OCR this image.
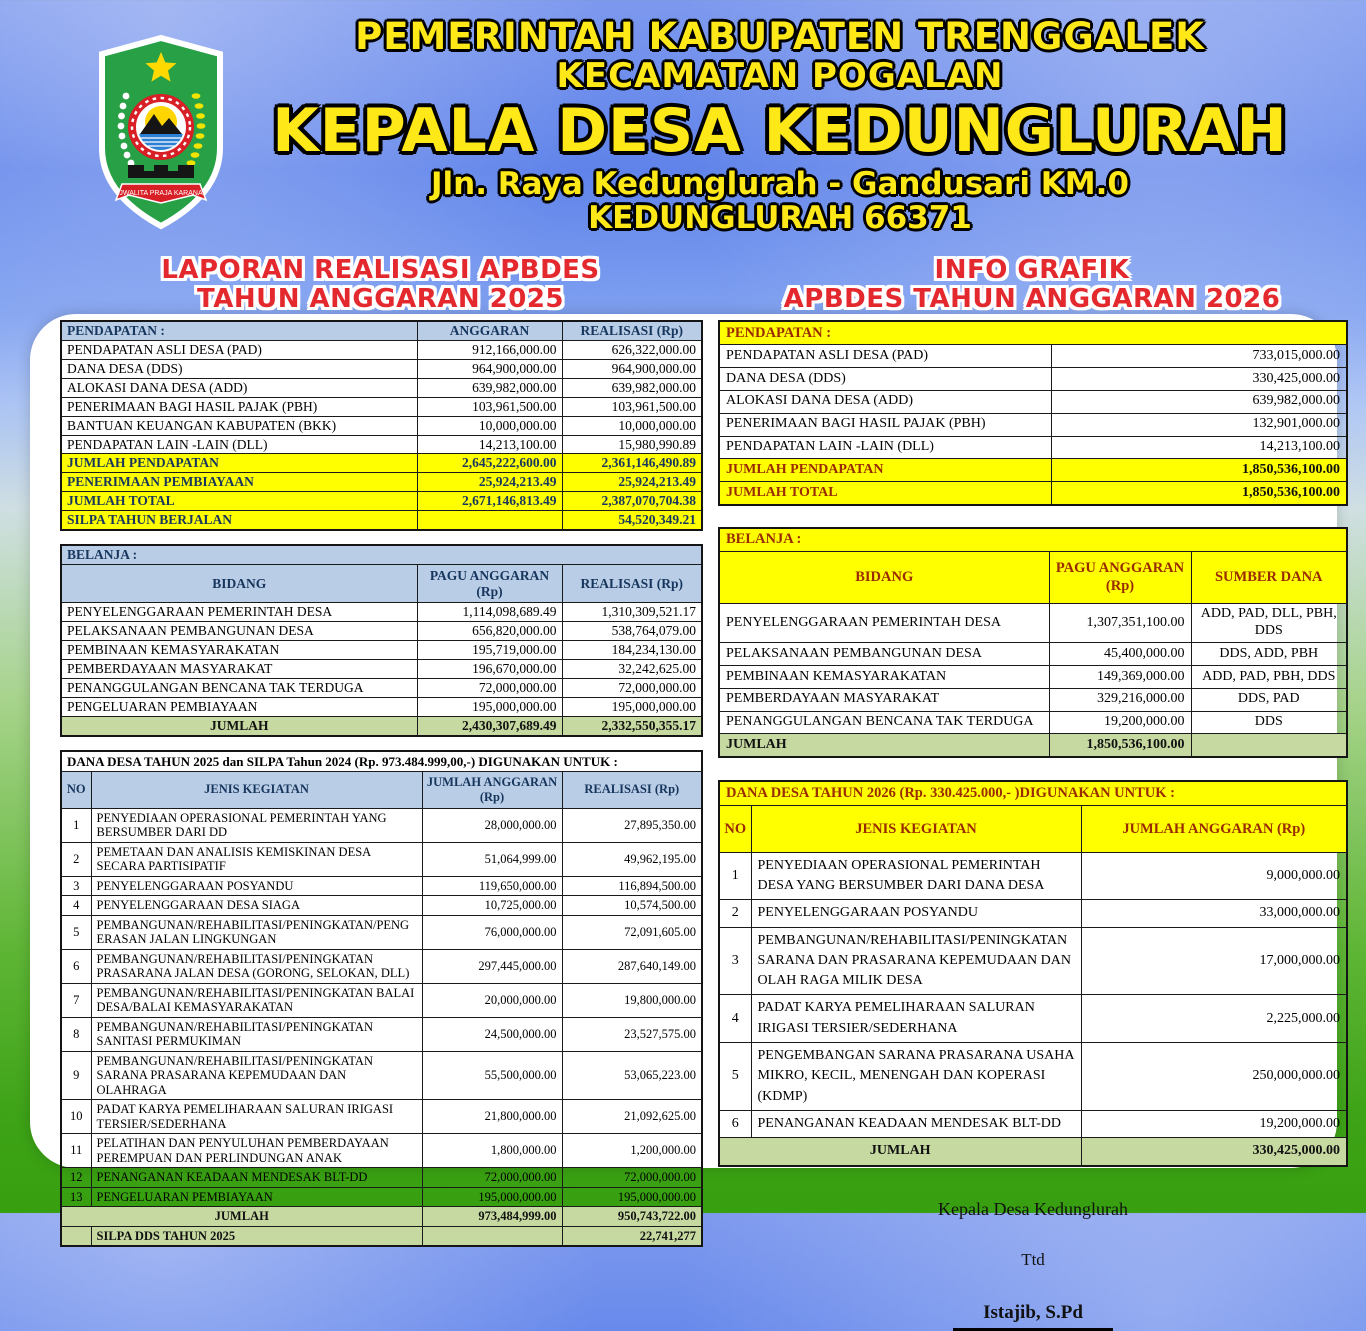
JWALITA PRAJA KARANA
PEMERINTAH KABUPATEN TRENGGALEK
KECAMATAN POGALAN
KEPALA DESA KEDUNGLURAH
Jln. Raya Kedunglurah - Gandusari KM.0
KEDUNGLURAH 66371
LAPORAN REALISASI APBDES
TAHUN ANGGARAN 2025
INFO GRAFIK
APBDES TAHUN ANGGARAN 2026
PENDAPATAN :	ANGGARAN	REALISASI (Rp)
PENDAPATAN ASLI DESA (PAD)	912,166,000.00	626,322,000.00
DANA DESA (DDS)	964,900,000.00	964,900,000.00
ALOKASI DANA DESA (ADD)	639,982,000.00	639,982,000.00
PENERIMAAN BAGI HASIL PAJAK (PBH)	103,961,500.00	103,961,500.00
BANTUAN KEUANGAN KABUPATEN (BKK)	10,000,000.00	10,000,000.00
PENDAPATAN LAIN -LAIN (DLL)	14,213,100.00	15,980,990.89
JUMLAH PENDAPATAN	2,645,222,600.00	2,361,146,490.89
PENERIMAAN PEMBIAYAAN	25,924,213.49	25,924,213.49
JUMLAH TOTAL	2,671,146,813.49	2,387,070,704.38
SILPA TAHUN BERJALAN		54,520,349.21
BELANJA :		
BIDANG	PAGU ANGGARAN (Rp)	REALISASI (Rp)
PENYELENGGARAAN PEMERINTAH DESA	1,114,098,689.49	1,310,309,521.17
PELAKSANAAN PEMBANGUNAN DESA	656,820,000.00	538,764,079.00
PEMBINAAN KEMASYARAKATAN	195,719,000.00	184,234,130.00
PEMBERDAYAAN MASYARAKAT	196,670,000.00	32,242,625.00
PENANGGULANGAN BENCANA TAK TERDUGA	72,000,000.00	72,000,000.00
PENGELUARAN PEMBIAYAAN	195,000,000.00	195,000,000.00
JUMLAH	2,430,307,689.49	2,332,550,355.17
DANA DESA TAHUN 2025 dan SILPA Tahun 2024 (Rp. 973.484.999,00,-) DIGUNAKAN UNTUK :			
NO	JENIS KEGIATAN	JUMLAH ANGGARAN (Rp)	REALISASI (Rp)
1	PENYEDIAAN OPERASIONAL PEMERINTAH YANG BERSUMBER DARI DD	28,000,000.00	27,895,350.00
2	PEMETAAN DAN ANALISIS KEMISKINAN DESA SECARA PARTISIPATIF	51,064,999.00	49,962,195.00
3	PENYELENGGARAAN POSYANDU	119,650,000.00	116,894,500.00
4	PENYELENGGARAAN DESA SIAGA	10,725,000.00	10,574,500.00
5	PEMBANGUNAN/REHABILITASI/PENINGKATAN/PENGERASAN JALAN LINGKUNGAN	76,000,000.00	72,091,605.00
6	PEMBANGUNAN/REHABILITASI/PENINGKATAN PRASARANA JALAN DESA (GORONG, SELOKAN, DLL)	297,445,000.00	287,640,149.00
7	PEMBANGUNAN/REHABILITASI/PENINGKATAN BALAI DESA/BALAI KEMASYARAKATAN	20,000,000.00	19,800,000.00
8	PEMBANGUNAN/REHABILITASI/PENINGKATAN SANITASI PERMUKIMAN	24,500,000.00	23,527,575.00
9	PEMBANGUNAN/REHABILITASI/PENINGKATAN SARANA PRASARANA KEPEMUDAAN DAN OLAHRAGA	55,500,000.00	53,065,223.00
10	PADAT KARYA PEMELIHARAAN SALURAN IRIGASI TERSIER/SEDERHANA	21,800,000.00	21,092,625.00
11	PELATIHAN DAN PENYULUHAN PEMBERDAYAAN PEREMPUAN DAN PERLINDUNGAN ANAK	1,800,000.00	1,200,000.00
12	PENANGANAN KEADAAN MENDESAK BLT-DD	72,000,000.00	72,000,000.00
13	PENGELUARAN PEMBIAYAAN	195,000,000.00	195,000,000.00
JUMLAH		973,484,999.00	950,743,722.00
	SILPA DDS TAHUN 2025		22,741,277
PENDAPATAN :	
PENDAPATAN ASLI DESA (PAD)	733,015,000.00
DANA DESA (DDS)	330,425,000.00
ALOKASI DANA DESA (ADD)	639,982,000.00
PENERIMAAN BAGI HASIL PAJAK (PBH)	132,901,000.00
PENDAPATAN LAIN -LAIN (DLL)	14,213,100.00
JUMLAH PENDAPATAN	1,850,536,100.00
JUMLAH TOTAL	1,850,536,100.00
BELANJA :		
BIDANG	PAGU ANGGARAN (Rp)	SUMBER DANA
PENYELENGGARAAN PEMERINTAH DESA	1,307,351,100.00	ADD, PAD, DLL, PBH, DDS
PELAKSANAAN PEMBANGUNAN DESA	45,400,000.00	DDS, ADD, PBH
PEMBINAAN KEMASYARAKATAN	149,369,000.00	ADD, PAD, PBH, DDS
PEMBERDAYAAN MASYARAKAT	329,216,000.00	DDS, PAD
PENANGGULANGAN BENCANA TAK TERDUGA	19,200,000.00	DDS
JUMLAH	1,850,536,100.00	
DANA DESA TAHUN 2026 (Rp. 330.425.000,- )DIGUNAKAN UNTUK :		
NO	JENIS KEGIATAN	JUMLAH ANGGARAN (Rp)
1	PENYEDIAAN OPERASIONAL PEMERINTAH DESA YANG BERSUMBER DARI DANA DESA	9,000,000.00
2	PENYELENGGARAAN POSYANDU	33,000,000.00
3	PEMBANGUNAN/REHABILITASI/PENINGKATAN SARANA DAN PRASARANA KEPEMUDAAN DAN OLAH RAGA MILIK DESA	17,000,000.00
4	PADAT KARYA PEMELIHARAAN SALURAN IRIGASI TERSIER/SEDERHANA	2,225,000.00
5	PENGEMBANGAN SARANA PRASARANA USAHA MIKRO, KECIL, MENENGAH DAN KOPERASI (KDMP)	250,000,000.00
6	PENANGANAN KEADAAN MENDESAK BLT-DD	19,200,000.00
JUMLAH		330,425,000.00
Kepala Desa Kedunglurah
Ttd
Istajib, S.Pd
